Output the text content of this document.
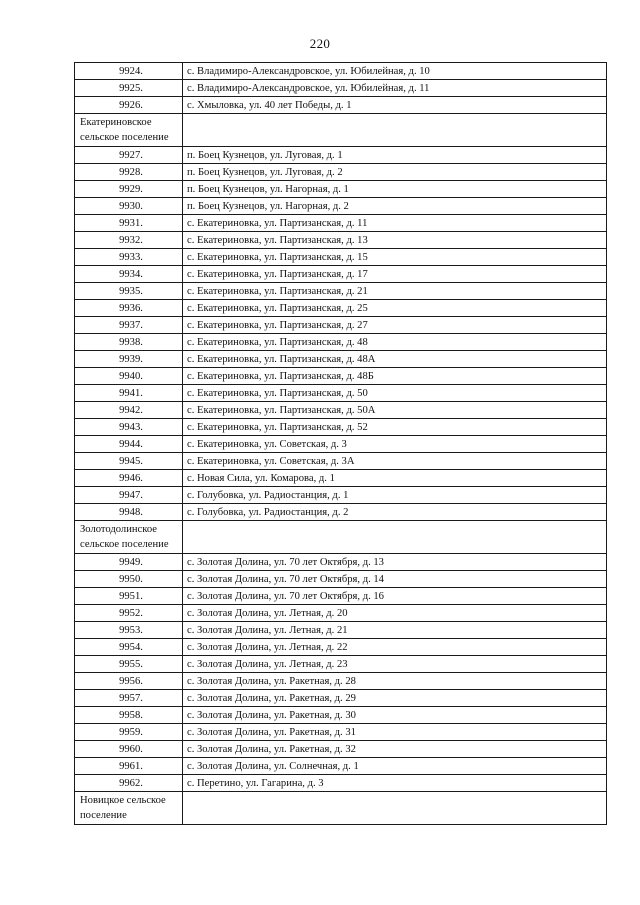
220
9924.	с. Владимиро-Александровское, ул. Юбилейная, д. 10
9925.	с. Владимиро-Александровское, ул. Юбилейная, д. 11
9926.	с. Хмыловка, ул. 40 лет Победы, д. 1
Екатериновское сельское поселение	
9927.	п. Боец Кузнецов, ул. Луговая, д. 1
9928.	п. Боец Кузнецов, ул. Луговая, д. 2
9929.	п. Боец Кузнецов, ул. Нагорная, д. 1
9930.	п. Боец Кузнецов, ул. Нагорная, д. 2
9931.	с. Екатериновка, ул. Партизанская, д. 11
9932.	с. Екатериновка, ул. Партизанская, д. 13
9933.	с. Екатериновка, ул. Партизанская, д. 15
9934.	с. Екатериновка, ул. Партизанская, д. 17
9935.	с. Екатериновка, ул. Партизанская, д. 21
9936.	с. Екатериновка, ул. Партизанская, д. 25
9937.	с. Екатериновка, ул. Партизанская, д. 27
9938.	с. Екатериновка, ул. Партизанская, д. 48
9939.	с. Екатериновка, ул. Партизанская, д. 48А
9940.	с. Екатериновка, ул. Партизанская, д. 48Б
9941.	с. Екатериновка, ул. Партизанская, д. 50
9942.	с. Екатериновка, ул. Партизанская, д. 50А
9943.	с. Екатериновка, ул. Партизанская, д. 52
9944.	с. Екатериновка, ул. Советская, д. 3
9945.	с. Екатериновка, ул. Советская, д. 3А
9946.	с. Новая Сила, ул. Комарова, д. 1
9947.	с. Голубовка, ул. Радиостанция, д. 1
9948.	с. Голубовка, ул. Радиостанция, д. 2
Золотодолинское сельское поселение	
9949.	с. Золотая Долина, ул. 70 лет Октября, д. 13
9950.	с. Золотая Долина, ул. 70 лет Октября, д. 14
9951.	с. Золотая Долина, ул. 70 лет Октября, д. 16
9952.	с. Золотая Долина, ул. Летная, д. 20
9953.	с. Золотая Долина, ул. Летная, д. 21
9954.	с. Золотая Долина, ул. Летная, д. 22
9955.	с. Золотая Долина, ул. Летная, д. 23
9956.	с. Золотая Долина, ул. Ракетная, д. 28
9957.	с. Золотая Долина, ул. Ракетная, д. 29
9958.	с. Золотая Долина, ул. Ракетная, д. 30
9959.	с. Золотая Долина, ул. Ракетная, д. 31
9960.	с. Золотая Долина, ул. Ракетная, д. 32
9961.	с. Золотая Долина, ул. Солнечная, д. 1
9962.	с. Перетино, ул. Гагарина, д. 3
Новицкое сельское поселение	
